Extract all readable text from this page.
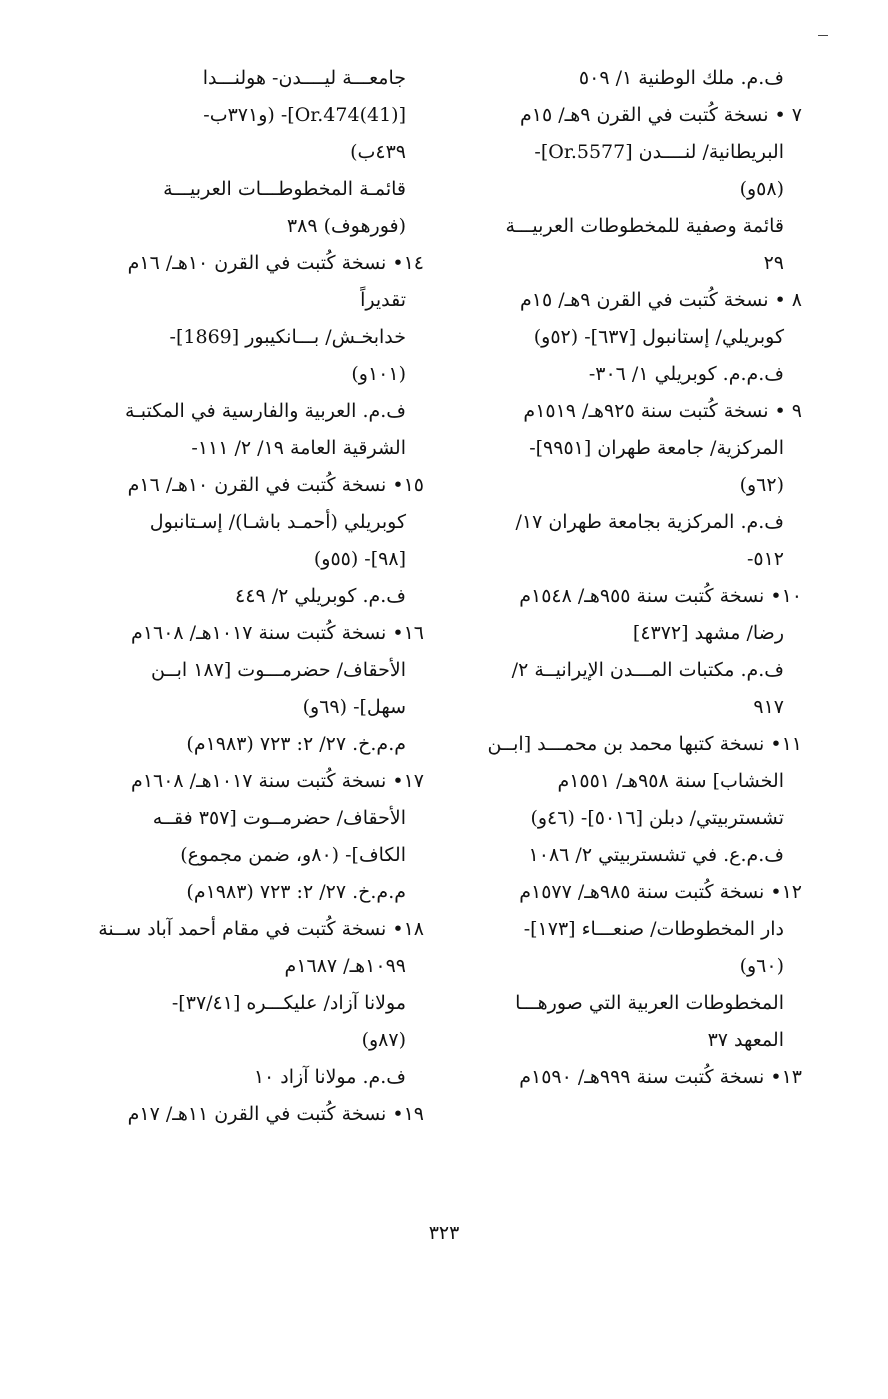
ف.م. ملك الوطنية ١/ ٥٠٩
٧ • نسخة كُتبت في القرن ٩هـ/ ١٥م
البريطانية/ لنــــدن [Or.5577]-
(٥٨و)
قائمة وصفية للمخطوطات العربيـــة
٢٩
٨ • نسخة كُتبت في القرن ٩هـ/ ١٥م
كوبريلي/ إستانبول [٦٣٧]- (٥٢و)
ف.م.م. كوبريلي ١/ ٣٠٦-
٩ • نسخة كُتبت سنة ٩٢٥هـ/ ١٥١٩م
المركزية/ جامعة طهران [٩٩٥١]-
(٦٢و)
ف.م. المركزية بجامعة طهران ١٧/
٥١٢-
١٠• نسخة كُتبت سنة ٩٥٥هـ/ ١٥٤٨م
رضا/ مشهد [٤٣٧٢]
ف.م. مكتبات المـــدن الإيرانيــة ٢/
٩١٧
١١• نسخة كتبها محمد بن محمـــد [ابــن
الخشاب] سنة ٩٥٨هـ/ ١٥٥١م
تشستربيتي/ دبلن [٥٠١٦]- (٤٦و)
ف.م.ع. في تشستربيتي ٢/ ١٠٨٦
١٢• نسخة كُتبت سنة ٩٨٥هـ/ ١٥٧٧م
دار المخطوطات/ صنعـــاء [١٧٣]-
(٦٠و)
المخطوطات العربية التي صورهـــا
المعهد ٣٧
١٣• نسخة كُتبت سنة ٩٩٩هـ/ ١٥٩٠م
جامعـــة ليــــدن- هولنـــدا
[Or.474(41)]- (و٣٧١ب-
٤٣٩ب)
قائمـة المخطوطـــات العربيـــة
(فورهوف) ٣٨٩
١٤• نسخة كُتبت في القرن ١٠هـ/ ١٦م
تقديراً
خدابخـش/ بـــانكيبور [1869]-
(١٠١و)
ف.م. العربية والفارسية في المكتبـة
الشرقية العامة ١٩/ ٢/ ١١١-
١٥• نسخة كُتبت في القرن ١٠هـ/ ١٦م
كوبريلي (أحمـد باشـا)/ إسـتانبول
[٩٨]- (٥٥و)
ف.م. كوبريلي ٢/ ٤٤٩
١٦• نسخة كُتبت سنة ١٠١٧هـ/ ١٦٠٨م
الأحقاف/ حضرمـــوت [١٨٧ ابــن
سهل]- (٦٩و)
م.م.خ. ٢٧/ ٢: ٧٢٣ (١٩٨٣م)
١٧• نسخة كُتبت سنة ١٠١٧هـ/ ١٦٠٨م
الأحقاف/ حضرمــوت [٣٥٧ فقــه
الكاف]- (٨٠و، ضمن مجموع)
م.م.خ. ٢٧/ ٢: ٧٢٣ (١٩٨٣م)
١٨• نسخة كُتبت في مقام أحمد آباد ســنة
١٠٩٩هـ/ ١٦٨٧م
مولانا آزاد/ عليكـــره [٣٧/٤١]-
(٨٧و)
ف.م. مولانا آزاد ١٠
١٩• نسخة كُتبت في القرن ١١هـ/ ١٧م
٣٢٣
